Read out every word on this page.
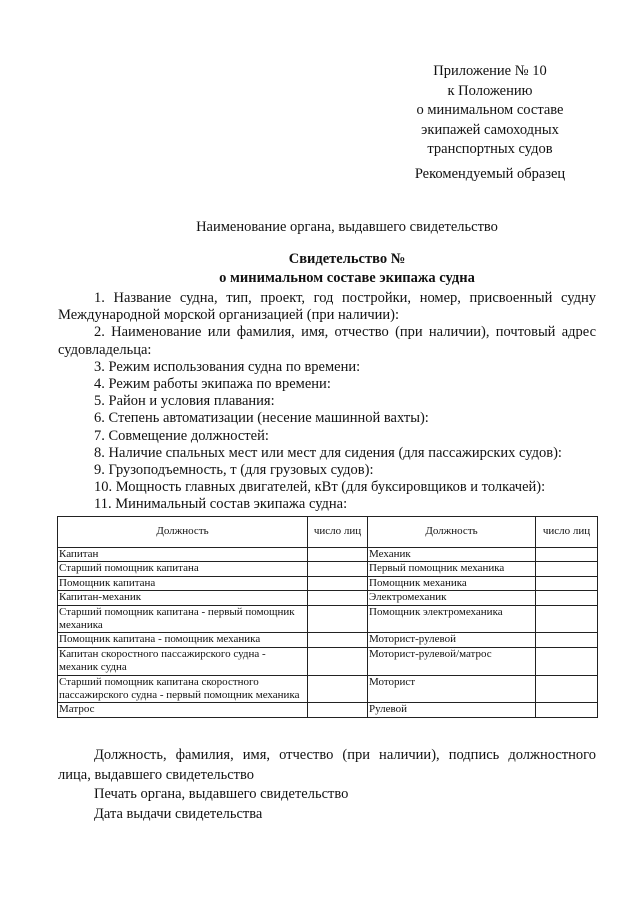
Приложение № 10
к Положению
о минимальном составе
экипажей самоходных
транспортных судов
Рекомендуемый образец
Наименование органа, выдавшего свидетельство
Свидетельство №
о минимальном составе экипажа судна

1. Название судна, тип, проект, год постройки, номер, присвоенный судну

Международной морской организацией (при наличии):

2. Наименование или фамилия, имя, отчество (при наличии), почтовый адрес

судовладельца:

3. Режим использования судна по времени:

4. Режим работы экипажа по времени:

5. Район и условия плавания:

6. Степень автоматизации (несение машинной вахты):

7. Совмещение должностей:

8. Наличие спальных мест или мест для сидения (для пассажирских судов):

9. Грузоподъемность, т (для грузовых судов):

10. Мощность главных двигателей, кВт (для буксировщиков и толкачей):

11. Минимальный состав экипажа судна:

Должность	число лиц	Должность	число лиц
Капитан		Механик	
Старший помощник капитана		Первый помощник механика	
Помощник капитана		Помощник механика	
Капитан-механик		Электромеханик	
Старший помощник капитана - первый помощник механика		Помощник электромеханика	
Помощник капитана - помощник механика		Моторист-рулевой	
Капитан скоростного пассажирского судна - механик судна		Моторист-рулевой/матрос	
Старший помощник капитана скоростного пассажирского судна - первый помощник механика		Моторист	
Матрос		Рулевой	

Должность, фамилия, имя, отчество (при наличии), подпись должностного

лица, выдавшего свидетельство

Печать органа, выдавшего свидетельство

Дата выдачи свидетельства
